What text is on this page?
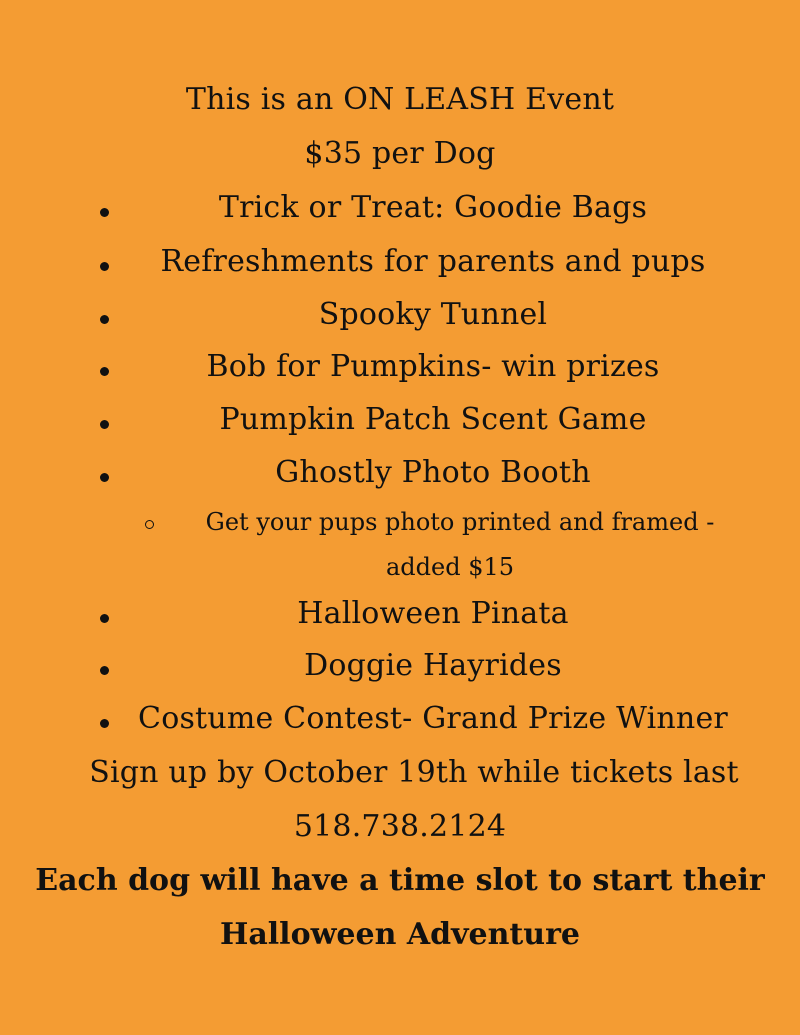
This is an ON LEASH Event
$35 per Dog
Trick or Treat: Goodie Bags
Refreshments for parents and pups
Spooky Tunnel
Bob for Pumpkins- win prizes
Pumpkin Patch Scent Game
Ghostly Photo Booth
Get your pups photo printed and framed -
added $15
Halloween Pinata
Doggie Hayrides
Costume Contest- Grand Prize Winner
Sign up by October 19th while tickets last
518.738.2124
Each dog will have a time slot to start their
Halloween Adventure
